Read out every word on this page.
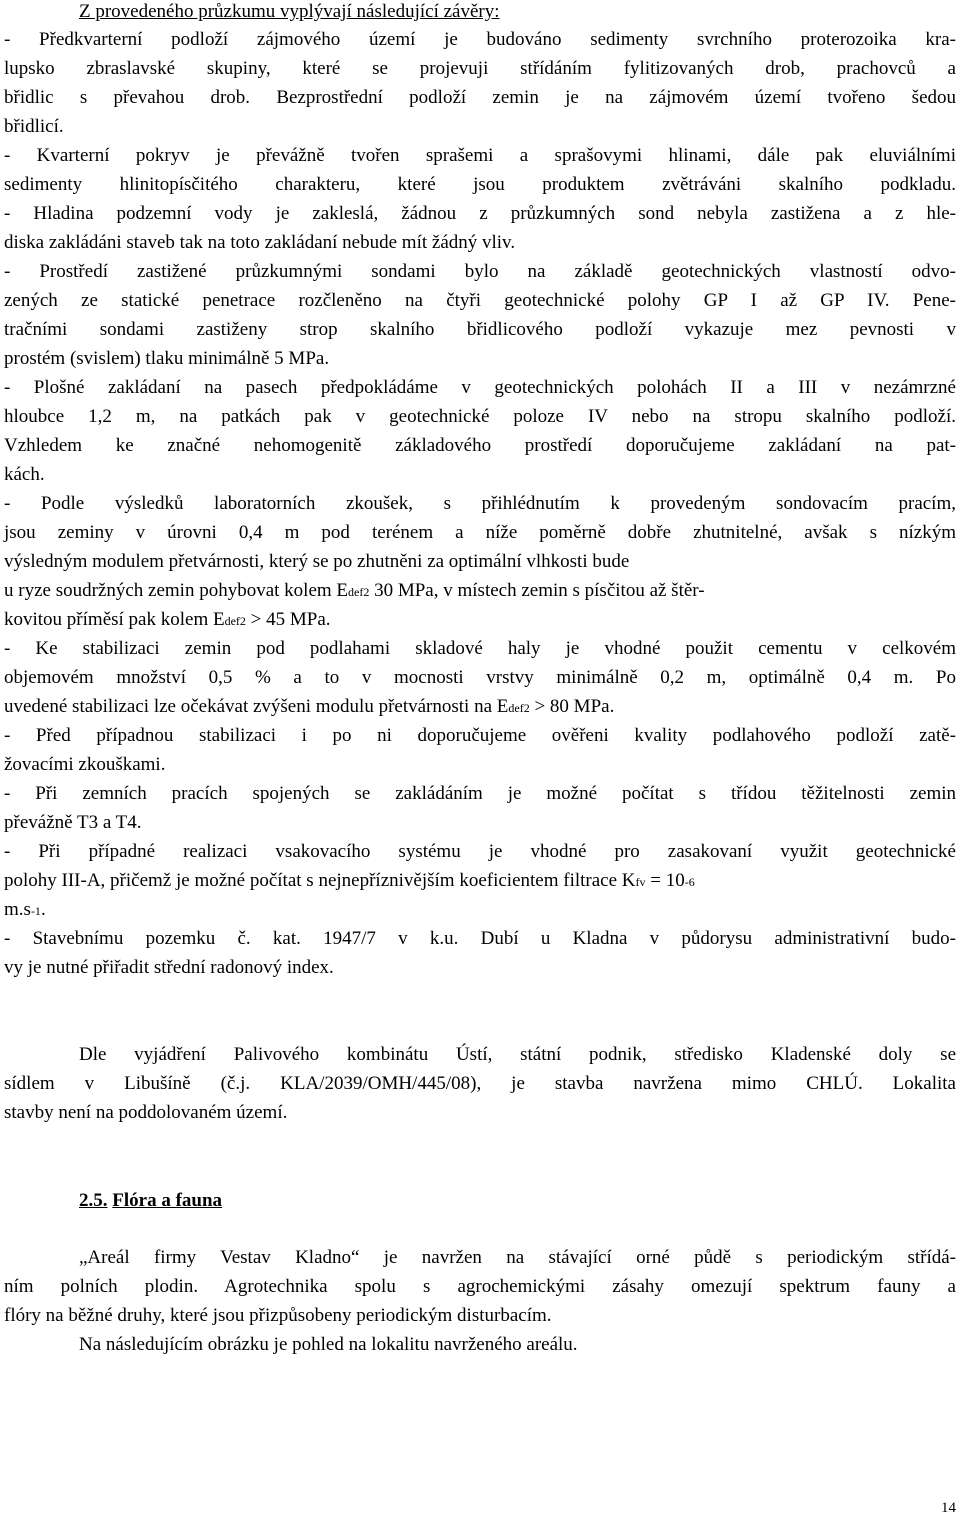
Z provedeného průzkumu vyplývají následující závěry:
- Předkvarterní podloží zájmového území je budováno sedimenty svrchního proterozoika kra-
lupsko zbraslavské skupiny, které se projevuji střídáním fylitizovaných drob, prachovců a
břidlic s převahou drob. Bezprostřední podloží zemin je na zájmovém území tvořeno šedou
břidlicí.
- Kvarterní pokryv je převážně tvořen sprašemi a sprašovymi hlinami, dále pak eluviálními
sedimenty hlinitopísčitého charakteru, které jsou produktem zvětráváni skalního podkladu.
- Hladina podzemní vody je zakleslá, žádnou z průzkumných sond nebyla zastižena a z hle-
diska zakládáni staveb tak na toto zakládaní nebude mít žádný vliv.
- Prostředí zastižené průzkumnými sondami bylo na základě geotechnických vlastností odvo-
zených ze statické penetrace rozčleněno na čtyři geotechnické polohy GP I až GP IV. Pene-
tračními sondami zastiženy strop skalního břidlicového podloží vykazuje mez pevnosti v
prostém (svislem) tlaku minimálně 5 MPa.
- Plošné zakládaní na pasech předpokládáme v geotechnických polohách II a III v nezámrzné
hloubce 1,2 m, na patkách pak v geotechnické poloze IV nebo na stropu skalního podloží.
Vzhledem ke značné nehomogenitě základového prostředí doporučujeme zakládaní na pat-
kách.
- Podle výsledků laboratorních zkoušek, s přihlédnutím k provedeným sondovacím pracím,
jsou zeminy v úrovni 0,4 m pod terénem a níže poměrně dobře zhutnitelné, avšak s nízkým
výsledným modulem přetvárnosti, který se po zhutněni za optimální vlhkosti bude
u ryze soudržných zemin pohybovat kolem Edef2 30 MPa, v místech zemin s písčitou až štěr-
kovitou příměsí pak kolem Edef2 > 45 MPa.
- Ke stabilizaci zemin pod podlahami skladové haly je vhodné použit cementu v celkovém
objemovém množství 0,5 % a to v mocnosti vrstvy minimálně 0,2 m, optimálně 0,4 m. Po
uvedené stabilizaci lze očekávat zvýšeni modulu přetvárnosti na Edef2 > 80 MPa.
- Před případnou stabilizaci i po ni doporučujeme ověřeni kvality podlahového podloží zatě-
žovacími zkouškami.
- Při zemních pracích spojených se zakládáním je možné počítat s třídou těžitelnosti zemin
převážně T3 a T4.
- Při případné realizaci vsakovacího systému je vhodné pro zasakovaní využit geotechnické
polohy III-A, přičemž je možné počítat s nejnepříznivějším koeficientem filtrace Kfv = 10-6
m.s-1.
- Stavebnímu pozemku č. kat. 1947/7 v k.u. Dubí u Kladna v půdorysu administrativní budo-
vy je nutné přiřadit střední radonový index.
Dle vyjádření Palivového kombinátu Ústí, státní podnik, středisko Kladenské doly se
sídlem v Libušíně (č.j. KLA/2039/OMH/445/08), je stavba navržena mimo CHLÚ. Lokalita
stavby není na poddolovaném území.
2.5. Flóra a fauna
„Areál firmy Vestav Kladno“ je navržen na stávající orné půdě s periodickým střídá-
ním polních plodin. Agrotechnika spolu s agrochemickými zásahy omezují spektrum fauny a
flóry na běžné druhy, které jsou přizpůsobeny periodickým disturbacím.
Na následujícím obrázku je pohled na lokalitu navrženého areálu.
14
